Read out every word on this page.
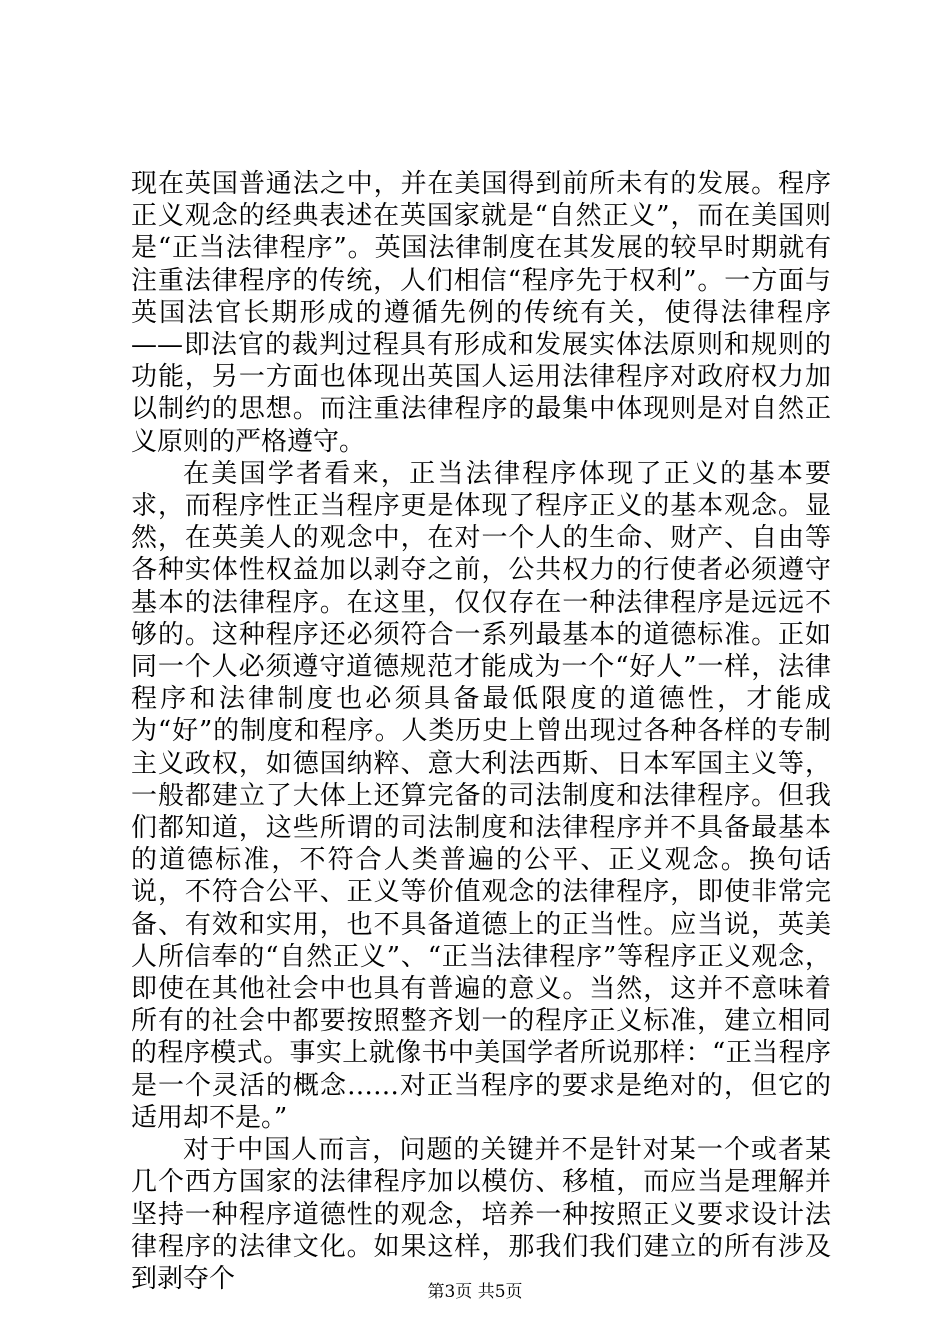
现在英国普通法之中，并在美国得到前所未有的发展。程序正义观念的经典表述在英国家就是“自然正义”，而在美国则是“正当法律程序”。英国法律制度在其发展的较早时期就有注重法律程序的传统，人们相信“程序先于权利”。一方面与英国法官长期形成的遵循先例的传统有关，使得法律程序——即法官的裁判过程具有形成和发展实体法原则和规则的功能，另一方面也体现出英国人运用法律程序对政府权力加以制约的思想。而注重法律程序的最集中体现则是对自然正义原则的严格遵守。

在美国学者看来，正当法律程序体现了正义的基本要求，而程序性正当程序更是体现了程序正义的基本观念。显然，在英美人的观念中，在对一个人的生命、财产、自由等各种实体性权益加以剥夺之前，公共权力的行使者必须遵守基本的法律程序。在这里，仅仅存在一种法律程序是远远不够的。这种程序还必须符合一系列最基本的道德标准。正如同一个人必须遵守道德规范才能成为一个“好人”一样，法律程序和法律制度也必须具备最低限度的道德性，才能成为“好”的制度和程序。人类历史上曾出现过各种各样的专制主义政权，如德国纳粹、意大利法西斯、日本军国主义等，一般都建立了大体上还算完备的司法制度和法律程序。但我们都知道，这些所谓的司法制度和法律程序并不具备最基本的道德标准，不符合人类普遍的公平、正义观念。换句话说，不符合公平、正义等价值观念的法律程序，即使非常完备、有效和实用，也不具备道德上的正当性。应当说，英美人所信奉的“自然正义”、“正当法律程序”等程序正义观念，即使在其他社会中也具有普遍的意义。当然，这并不意味着所有的社会中都要按照整齐划一的程序正义标准，建立相同的程序模式。事实上就像书中美国学者所说那样：“正当程序是一个灵活的概念……对正当程序的要求是绝对的，但它的适用却不是。”

对于中国人而言，问题的关键并不是针对某一个或者某几个西方国家的法律程序加以模仿、移植，而应当是理解并坚持一种程序道德性的观念，培养一种按照正义要求设计法律程序的法律文化。如果这样，那我们我们建立的所有涉及到剥夺个	第3页 共5页
